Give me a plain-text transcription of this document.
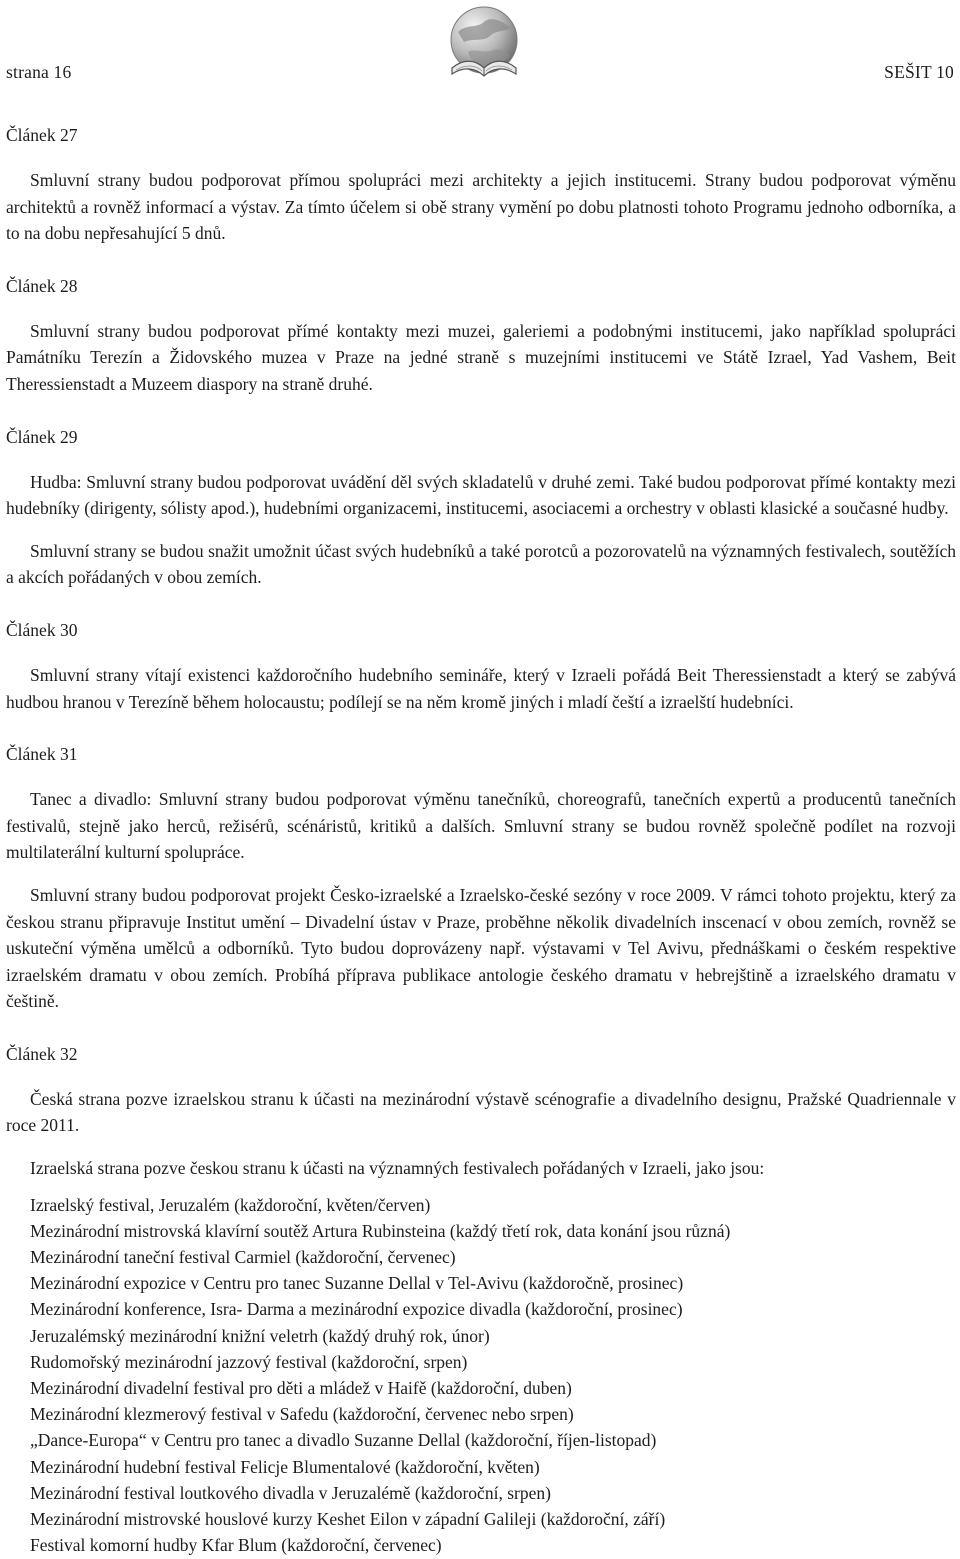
strana 16	SEŠIT 10
Článek 27

Smluvní strany budou podporovat přímou spolupráci mezi architekty a jejich institucemi. Strany budou podporovat výměnu architektů a rovněž informací a výstav. Za tímto účelem si obě strany vymění po dobu platnosti tohoto Programu jednoho odborníka, a to na dobu nepřesahující 5 dnů.

Článek 28

Smluvní strany budou podporovat přímé kontakty mezi muzei, galeriemi a podobnými institucemi, jako například spolupráci Památníku Terezín a Židovského muzea v Praze na jedné straně s muzejními institucemi ve Státě Izrael, Yad Vashem, Beit Theressienstadt a Muzeem diaspory na straně druhé.

Článek 29

Hudba: Smluvní strany budou podporovat uvádění děl svých skladatelů v druhé zemi. Také budou podporovat přímé kontakty mezi hudebníky (dirigenty, sólisty apod.), hudebními organizacemi, institucemi, asociacemi a orchestry v oblasti klasické a současné hudby.

Smluvní strany se budou snažit umožnit účast svých hudebníků a také porotců a pozorovatelů na významných festivalech, soutěžích a akcích pořádaných v obou zemích.

Článek 30

Smluvní strany vítají existenci každoročního hudebního semináře, který v Izraeli pořádá Beit Theressienstadt a který se zabývá hudbou hranou v Terezíně během holocaustu; podílejí se na něm kromě jiných i mladí čeští a izraelští hudebníci.

Článek 31

Tanec a divadlo: Smluvní strany budou podporovat výměnu tanečníků, choreografů, tanečních expertů a producentů tanečních festivalů, stejně jako herců, režisérů, scénáristů, kritiků a dalších. Smluvní strany se budou rovněž společně podílet na rozvoji multilaterální kulturní spolupráce.

Smluvní strany budou podporovat projekt Česko-izraelské a Izraelsko-české sezóny v roce 2009. V rámci tohoto projektu, který za českou stranu připravuje Institut umění – Divadelní ústav v Praze, proběhne několik divadelních inscenací v obou zemích, rovněž se uskuteční výměna umělců a odborníků. Tyto budou doprovázeny např. výstavami v Tel Avivu, přednáškami o českém respektive izraelském dramatu v obou zemích. Probíhá příprava publikace antologie českého dramatu v hebrejštině a izraelského dramatu v češtině.

Článek 32

Česká strana pozve izraelskou stranu k účasti na mezinárodní výstavě scénografie a divadelního designu, Pražské Quadriennale v roce 2011.

Izraelská strana pozve českou stranu k účasti na významných festivalech pořádaných v Izraeli, jako jsou:

Izraelský festival, Jeruzalém (každoroční, květen/červen)
Mezinárodní mistrovská klavírní soutěž Artura Rubinsteina (každý třetí rok, data konání jsou různá)
Mezinárodní taneční festival Carmiel (každoroční, červenec)
Mezinárodní expozice v Centru pro tanec Suzanne Dellal v Tel-Avivu (každoročně, prosinec)
Mezinárodní konference, Isra- Darma a mezinárodní expozice divadla (každoroční, prosinec)
Jeruzalémský mezinárodní knižní veletrh (každý druhý rok, únor)
Rudomořský mezinárodní jazzový festival (každoroční, srpen)
Mezinárodní divadelní festival pro děti a mládež v Haifě (každoroční, duben)
Mezinárodní klezmerový festival v Safedu (každoroční, červenec nebo srpen)
„Dance-Europa“ v Centru pro tanec a divadlo Suzanne Dellal (každoroční, říjen-listopad)
Mezinárodní hudební festival Felicje Blumentalové (každoroční, květen)
Mezinárodní festival loutkového divadla v Jeruzalémě (každoroční, srpen)
Mezinárodní mistrovské houslové kurzy Keshet Eilon v západní Galileji (každoroční, září)
Festival komorní hudby Kfar Blum (každoroční, červenec)
